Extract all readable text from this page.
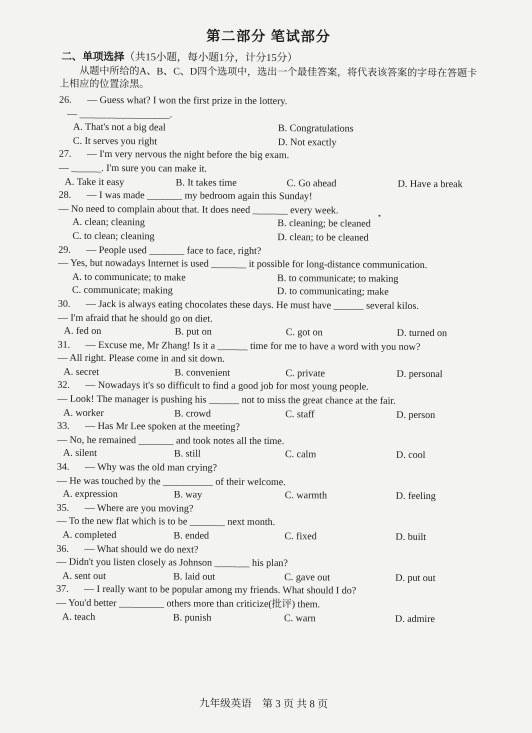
第二部分 笔试部分
二、单项选择（共15小题，每小题1分，计分15分）
从题中所给的A、B、C、D四个选项中，选出一个最佳答案，将代表该答案的字母在答题卡上相应的位置涂黑。
26.	— Guess what? I won the first prize in the lottery.
— __________________.
A. That's not a big deal	B. Congratulations
C. It serves you right	D. Not exactly
27.	— I'm very nervous the night before the big exam.
— ______. I'm sure you can make it.
A. Take it easy	B. It takes time	C. Go ahead	D. Have a break
28.	— I was made _______ my bedroom again this Sunday!
— No need to complain about that. It does need _______ every week.
A. clean; cleaning	B. cleaning; be cleaned
C. to clean; cleaning	D. clean; to be cleaned
29.	— People used _______ face to face, right?
— Yes, but nowadays Internet is used _______ it possible for long-distance communication.
A. to communicate; to make	B. to communicate; to making
C. communicate; making	D. to communicating; make
30.	— Jack is always eating chocolates these days. He must have ______ several kilos.
— I'm afraid that he should go on diet.
A. fed on	B. put on	C. got on	D. turned on
31.	— Excuse me, Mr Zhang! Is it a ______ time for me to have a word with you now?
— All right. Please come in and sit down.
A. secret	B. convenient	C. private	D. personal
32.	— Nowadays it's so difficult to find a good job for most young people.
— Look! The manager is pushing his ______ not to miss the great chance at the fair.
A. worker	B. crowd	C. staff	D. person
33.	— Has Mr Lee spoken at the meeting?
— No, he remained _______ and took notes all the time.
A. silent	B. still	C. calm	D. cool
34.	— Why was the old man crying?
— He was touched by the __________ of their welcome.
A. expression	B. way	C. warmth	D. feeling
35.	— Where are you moving?
— To the new flat which is to be _______ next month.
A. completed	B. ended	C. fixed	D. built
36.	— What should we do next?
— Didn't you listen closely as Johnson _______ his plan?
A. sent out	B. laid out	C. gave out	D. put out
37.	— I really want to be popular among my friends. What should I do?
— You'd better _________ others more than criticize(批评) them.
A. teach	B. punish	C. warn	D. admire
九年级英语 第 3 页 共 8 页
